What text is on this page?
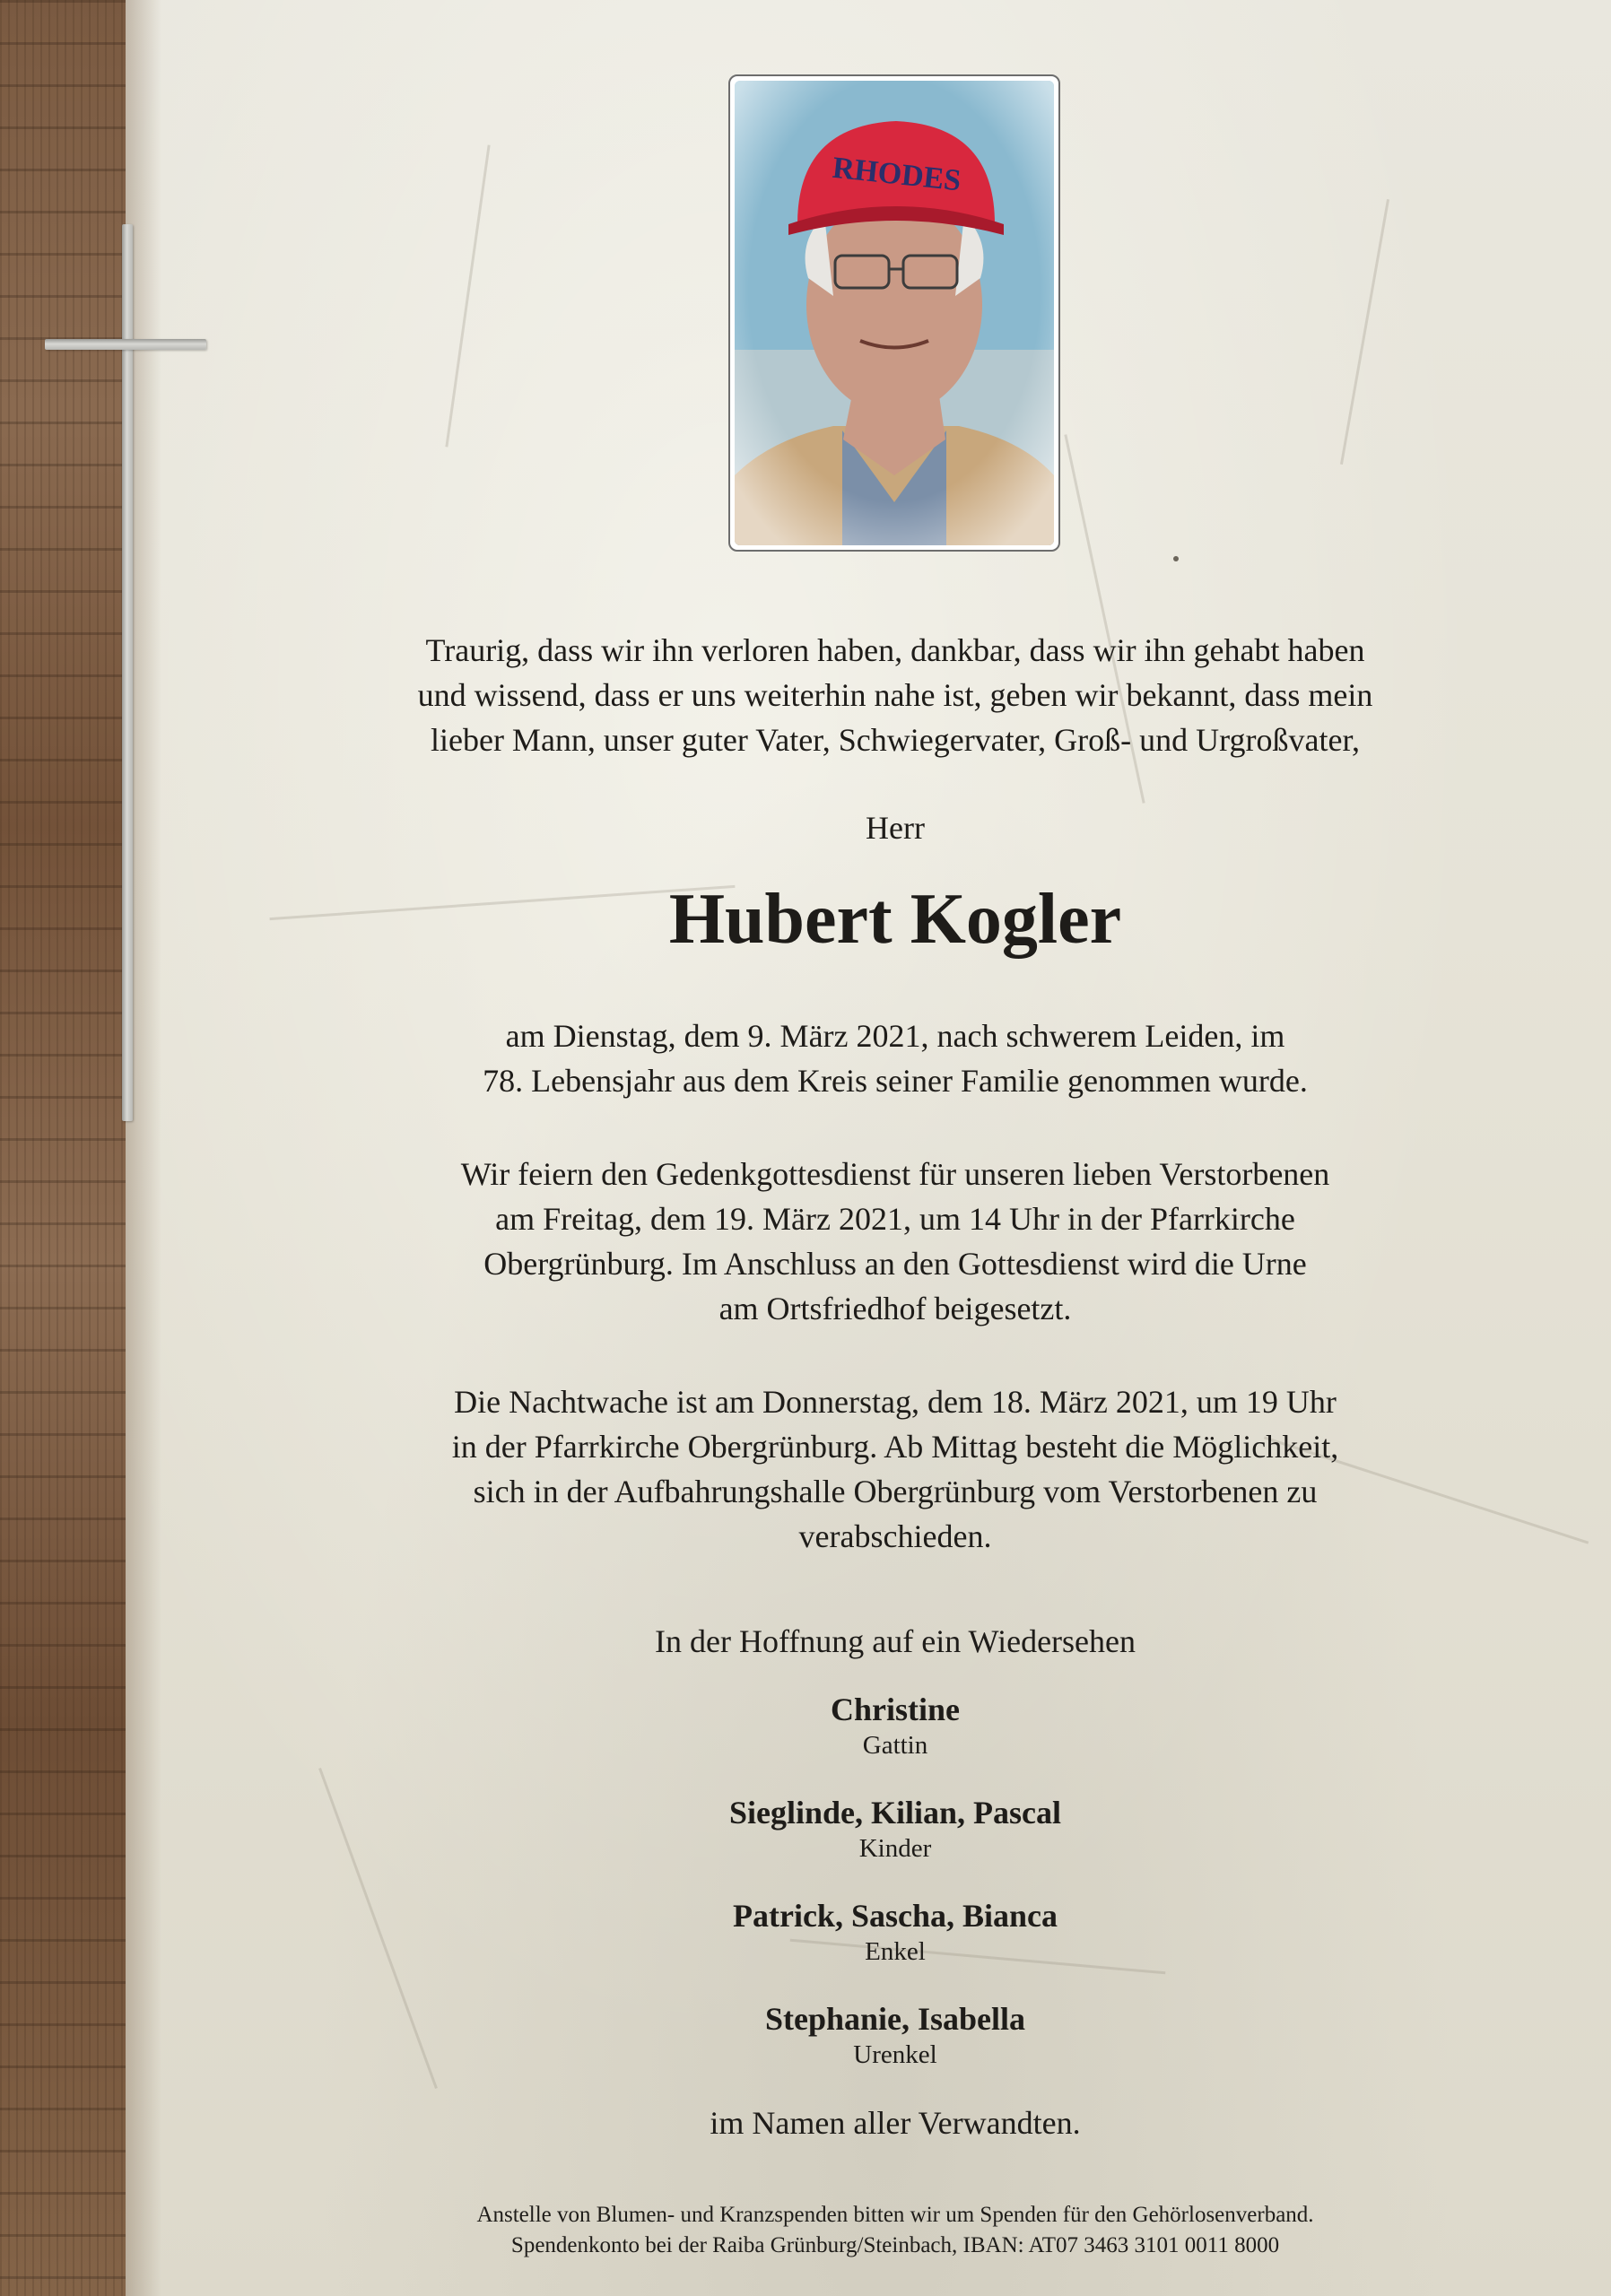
Traurig, dass wir ihn verloren haben, dankbar, dass wir ihn gehabt haben
und wissend, dass er uns weiterhin nahe ist, geben wir bekannt, dass mein
lieber Mann, unser guter Vater, Schwiegervater, Groß- und Urgroßvater,
Herr
Hubert Kogler
am Dienstag, dem 9. März 2021, nach schwerem Leiden, im
78. Lebensjahr aus dem Kreis seiner Familie genommen wurde.
Wir feiern den Gedenkgottesdienst für unseren lieben Verstorbenen
am Freitag, dem 19. März 2021, um 14 Uhr in der Pfarrkirche
Obergrünburg. Im Anschluss an den Gottesdienst wird die Urne
am Ortsfriedhof beigesetzt.
Die Nachtwache ist am Donnerstag, dem 18. März 2021, um 19 Uhr
in der Pfarrkirche Obergrünburg. Ab Mittag besteht die Möglichkeit,
sich in der Aufbahrungshalle Obergrünburg vom Verstorbenen zu
verabschieden.
In der Hoffnung auf ein Wiedersehen
Christine
Gattin
Sieglinde, Kilian, Pascal
Kinder
Patrick, Sascha, Bianca
Enkel
Stephanie, Isabella
Urenkel
im Namen aller Verwandten.
Anstelle von Blumen- und Kranzspenden bitten wir um Spenden für den Gehörlosenverband.
Spendenkonto bei der Raiba Grünburg/Steinbach, IBAN: AT07 3463 3101 0011 8000
